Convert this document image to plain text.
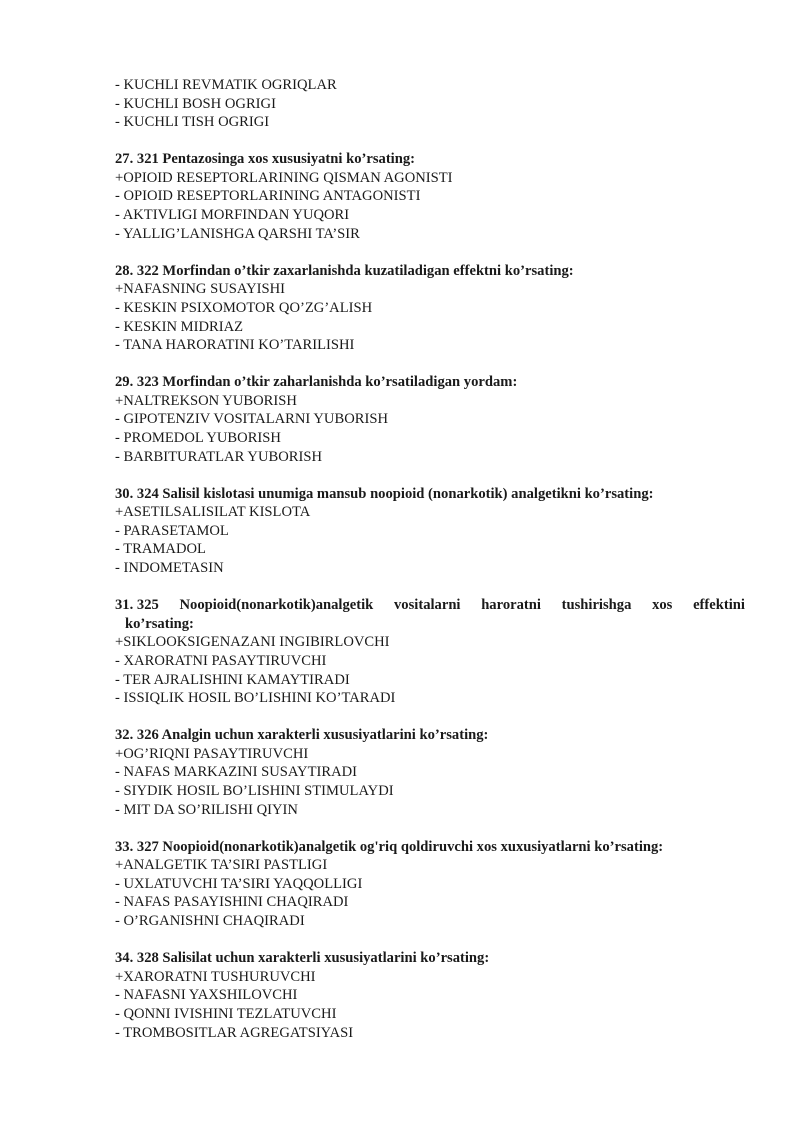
- KUCHLI REVMATIK OGRIQLAR
- KUCHLI BOSH OGRIGI
- KUCHLI TISH OGRIGI
27. 321 Pentazosinga xos xususiyatni ko’rsating:
+OPIOID RESEPTORLARINING QISMAN AGONISTI
- OPIOID RESEPTORLARINING ANTAGONISTI
- AKTIVLIGI MORFINDAN YUQORI
- YALLIG’LANISHGA QARSHI TA’SIR
28. 322 Morfindan o’tkir zaxarlanishda kuzatiladigan effektni ko’rsating:
+NAFASNING SUSAYISHI
- KESKIN PSIXOMOTOR QO’ZG’ALISH
- KESKIN MIDRIAZ
- TANA HARORATINI KO’TARILISHI
29. 323 Morfindan o’tkir zaharlanishda ko’rsatiladigan yordam:
+NALTREKSON YUBORISH
- GIPOTENZIV VOSITALARNI YUBORISH
- PROMEDOL YUBORISH
- BARBITURATLAR YUBORISH
30. 324 Salisil kislotasi unumiga mansub noopioid (nonarkotik) analgetikni ko’rsating:
+ASETILSALISILAT KISLOTA
- PARASETAMOL
- TRAMADOL
- INDOMETASIN
31. 325 Noopioid(nonarkotik)analgetik vositalarni haroratni tushirishga xos effektini
ko’rsating:
+SIKLOOKSIGENAZANI INGIBIRLOVCHI
- XARORATNI PASAYTIRUVCHI
- TER AJRALISHINI KAMAYTIRADI
- ISSIQLIK HOSIL BO’LISHINI KO’TARADI
32. 326 Analgin uchun xarakterli xususiyatlarini ko’rsating:
+OG’RIQNI PASAYTIRUVCHI
- NAFAS MARKAZINI SUSAYTIRADI
- SIYDIK HOSIL BO’LISHINI STIMULAYDI
- MIT DA SO’RILISHI QIYIN
33. 327 Noopioid(nonarkotik)analgetik og'riq qoldiruvchi xos xuxusiyatlarni ko’rsating:
+ANALGETIK TA’SIRI PASTLIGI
- UXLATUVCHI TA’SIRI YAQQOLLIGI
- NAFAS PASAYISHINI CHAQIRADI
- O’RGANISHNI CHAQIRADI
34. 328 Salisilat uchun xarakterli xususiyatlarini ko’rsating:
+XARORATNI TUSHURUVCHI
- NAFASNI YAXSHILOVCHI
- QONNI IVISHINI TEZLATUVCHI
- TROMBOSITLAR AGREGATSIYASI
